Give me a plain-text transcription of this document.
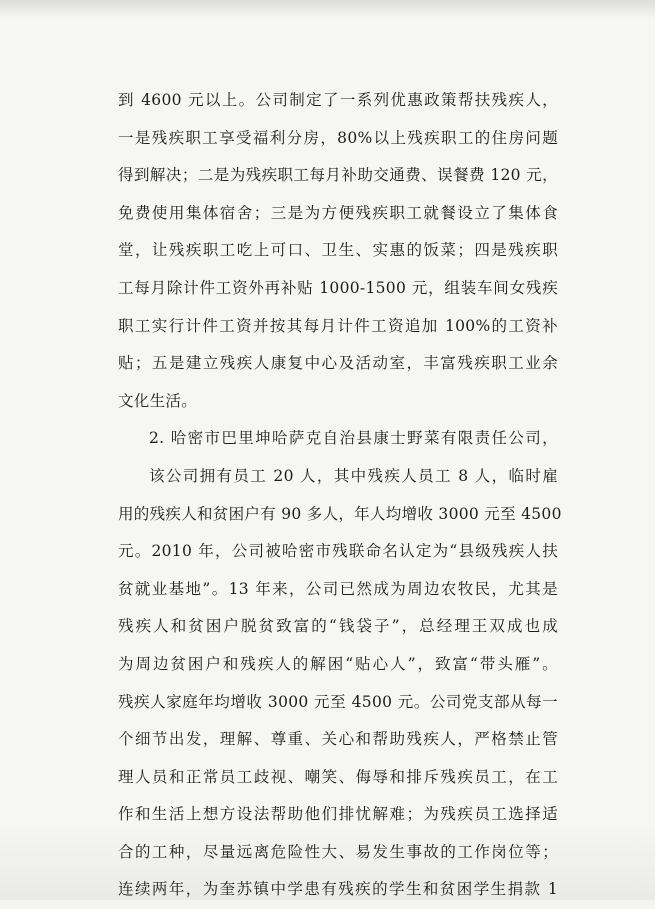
到 4600 元以上。公司制定了一系列优惠政策帮扶残疾人，
一是残疾职工享受福利分房，80%以上残疾职工的住房问题
得到解决；二是为残疾职工每月补助交通费、误餐费 120 元，
免费使用集体宿舍；三是为方便残疾职工就餐设立了集体食
堂，让残疾职工吃上可口、卫生、实惠的饭菜；四是残疾职
工每月除计件工资外再补贴 1000-1500 元，组装车间女残疾
职工实行计件工资并按其每月计件工资追加 100%的工资补
贴；五是建立残疾人康复中心及活动室，丰富残疾职工业余
文化生活。
2. 哈密市巴里坤哈萨克自治县康士野菜有限责任公司，
该公司拥有员工 20 人，其中残疾人员工 8 人，临时雇
用的残疾人和贫困户有 90 多人，年人均增收 3000 元至 4500
元。2010 年，公司被哈密市残联命名认定为“县级残疾人扶
贫就业基地”。13 年来，公司已然成为周边农牧民，尤其是
残疾人和贫困户脱贫致富的“钱袋子”，总经理王双成也成
为周边贫困户和残疾人的解困“贴心人”，致富“带头雁”。
残疾人家庭年均增收 3000 元至 4500 元。公司党支部从每一
个细节出发，理解、尊重、关心和帮助残疾人，严格禁止管
理人员和正常员工歧视、嘲笑、侮辱和排斥残疾员工，在工
作和生活上想方设法帮助他们排忧解难；为残疾员工选择适
合的工种，尽量远离危险性大、易发生事故的工作岗位等；
连续两年，为奎苏镇中学患有残疾的学生和贫困学生捐款 1
